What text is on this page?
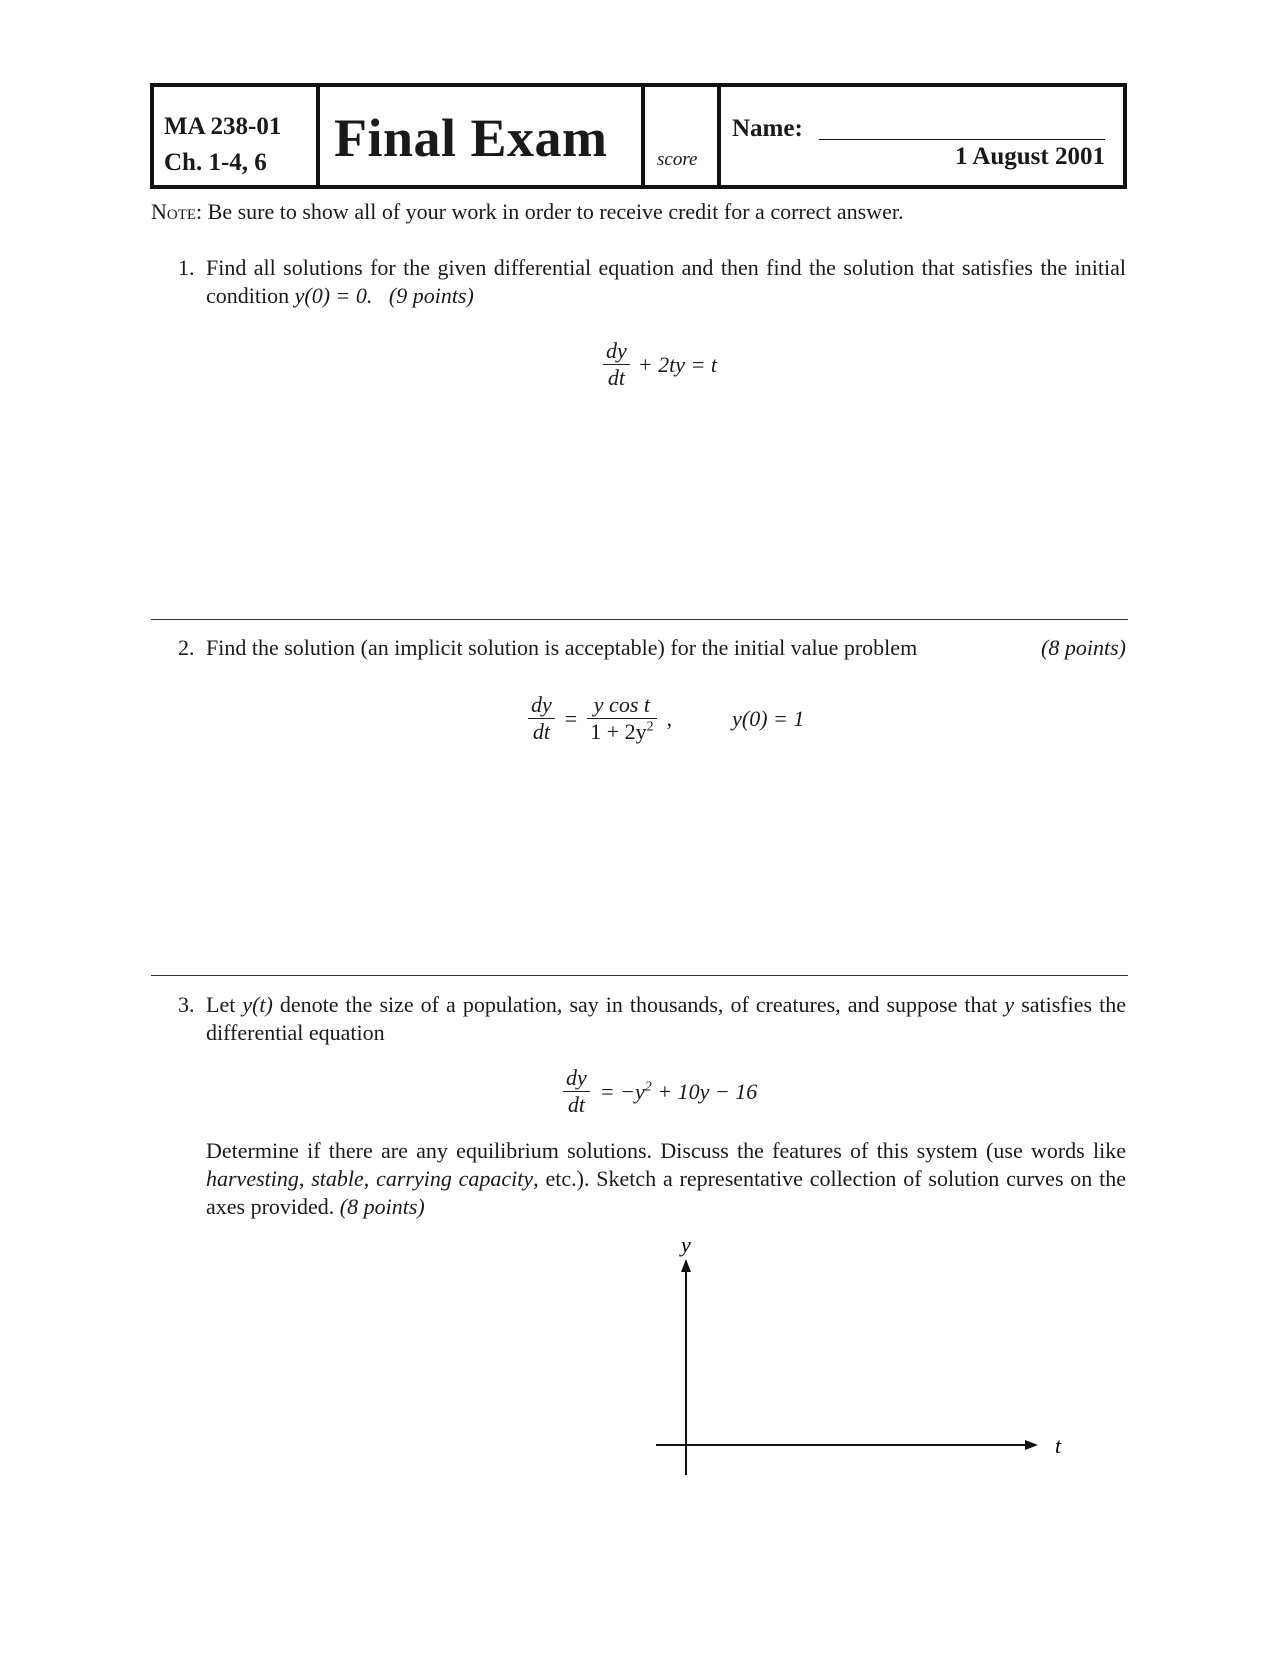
MA 238-01
Ch. 1-4, 6	Final Exam	score
Name:
1 August 2001
Note: Be sure to show all of your work in order to receive credit for a correct answer.
1. Find all solutions for the given differential equation and then find the solution that satisfies the initial condition y(0) = 0. (9 points)
$\frac{dy}{dt} + 2ty = t$
2. Find the solution (an implicit solution is acceptable) for the initial value problem	(8 points)
$\frac{dy}{dt} = \frac{\text{y cos t}}{1 + 2y^2}$ ,	y(0) = 1
3. Let y(t) denote the size of a population, say in thousands, of creatures, and suppose that y satisfies the differential equation
$\frac{dy}{dt} = -y^2 + 10y - 16$
Determine if there are any equilibrium solutions. Discuss the features of this system (use words like harvesting, stable, carrying capacity, etc.). Sketch a representative collection of solution curves on the axes provided. (8 points)
y
t
